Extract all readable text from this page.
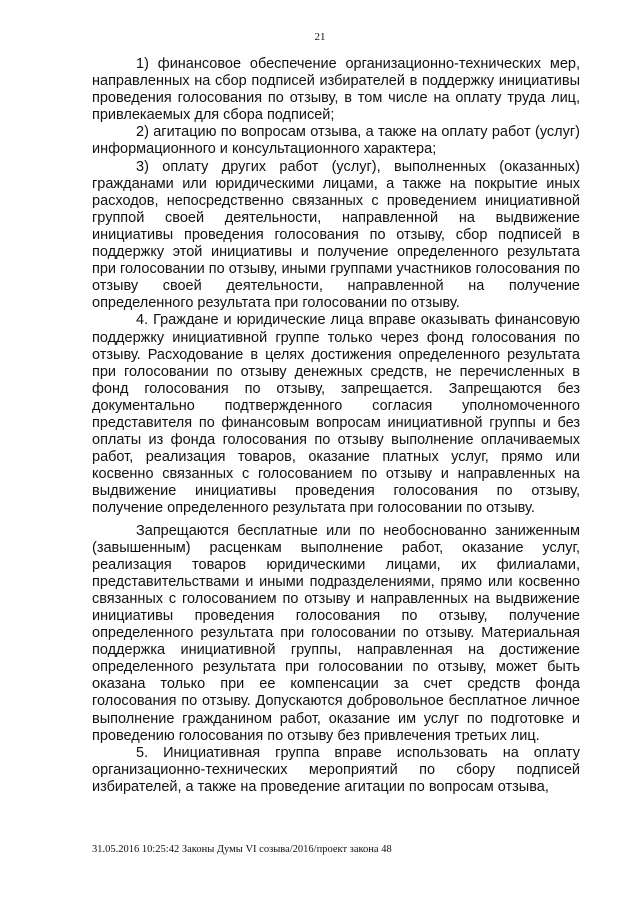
21

1) финансовое обеспечение организационно-технических мер, направленных на сбор подписей избирателей в поддержку инициативы проведения голосования по отзыву, в том числе на оплату труда лиц, привлекаемых для сбора подписей;

2) агитацию по вопросам отзыва, а также на оплату работ (услуг) информационного и консультационного характера;

3) оплату других работ (услуг), выполненных (оказанных) гражданами или юридическими лицами, а также на покрытие иных расходов, непосредственно связанных с проведением инициативной группой своей деятельности, направленной на выдвижение инициативы проведения голосования по отзыву, сбор подписей в поддержку этой инициативы и получение определенного результата при голосовании по отзыву, иными группами участников голосования по отзыву своей деятельности, направленной на получение определенного результата при голосовании по отзыву.

4. Граждане и юридические лица вправе оказывать финансовую поддержку инициативной группе только через фонд голосования по отзыву. Расходование в целях достижения определенного результата при голосовании по отзыву денежных средств, не перечисленных в фонд голосования по отзыву, запрещается. Запрещаются без документально подтвержденного согласия уполномоченного представителя по финансовым вопросам инициативной группы и без оплаты из фонда голосования по отзыву выполнение оплачиваемых работ, реализация товаров, оказание платных услуг, прямо или косвенно связанных с голосованием по отзыву и направленных на выдвижение инициативы проведения голосования по отзыву, получение определенного результата при голосовании по отзыву.

Запрещаются бесплатные или по необоснованно заниженным (завышенным) расценкам выполнение работ, оказание услуг, реализация товаров юридическими лицами, их филиалами, представительствами и иными подразделениями, прямо или косвенно связанных с голосованием по отзыву и направленных на выдвижение инициативы проведения голосования по отзыву, получение определенного результата при голосовании по отзыву. Материальная поддержка инициативной группы, направленная на достижение определенного результата при голосовании по отзыву, может быть оказана только при ее компенсации за счет средств фонда голосования по отзыву. Допускаются добровольное бесплатное личное выполнение гражданином работ, оказание им услуг по подготовке и проведению голосования по отзыву без привлечения третьих лиц.

5. Инициативная группа вправе использовать на оплату организационно-технических мероприятий по сбору подписей избирателей, а также на проведение агитации по вопросам отзыва,

31.05.2016 10:25:42 Законы Думы VI созыва/2016/проект закона 48
